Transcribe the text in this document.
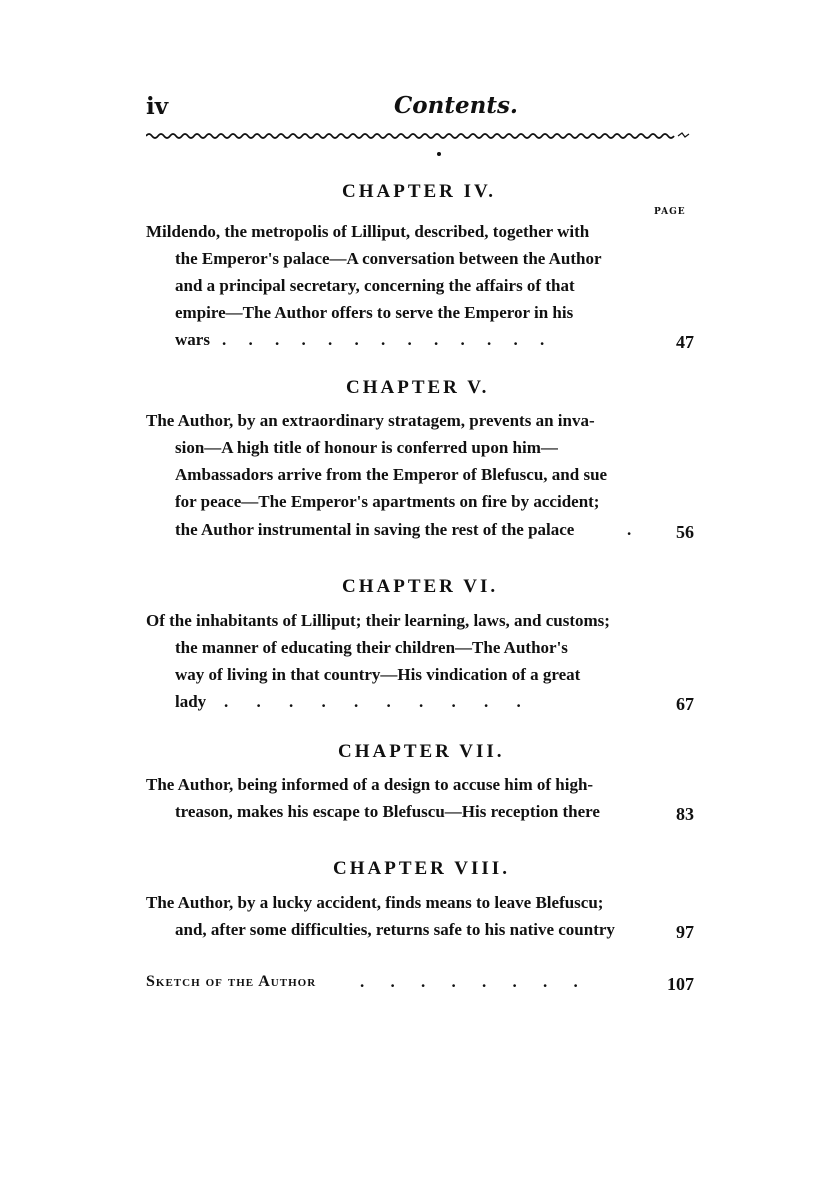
iv	Contents.
CHAPTER IV.
PAGE
Mildendo, the metropolis of Lilliput, described, together with
the Emperor's palace—A conversation between the Author
and a principal secretary, concerning the affairs of that
empire—The Author offers to serve the Emperor in his
wars . . . . . . . . . . . . .	47
CHAPTER V.
The Author, by an extraordinary stratagem, prevents an inva-
sion—A high title of honour is conferred upon him—
Ambassadors arrive from the Emperor of Blefuscu, and sue
for peace—The Emperor's apartments on fire by accident;
the Author instrumental in saving the rest of the palace	.	56
CHAPTER VI.
Of the inhabitants of Lilliput; their learning, laws, and customs;
the manner of educating their children—The Author's
way of living in that country—His vindication of a great
lady . . . . . . . . . .	67
CHAPTER VII.
The Author, being informed of a design to accuse him of high-
treason, makes his escape to Blefuscu—His reception there	83
CHAPTER VIII.
The Author, by a lucky accident, finds means to leave Blefuscu;
and, after some difficulties, returns safe to his native country	97
Sketch of the Author	. . . . . . . .	107
